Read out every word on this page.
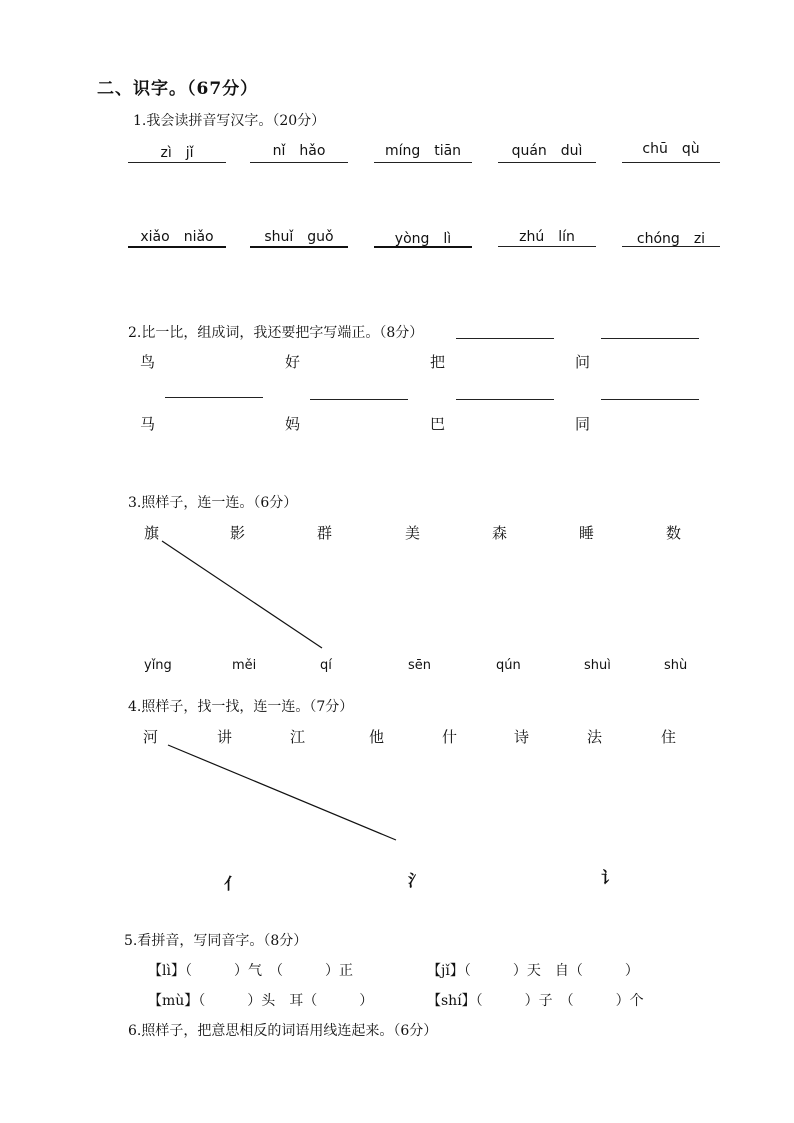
二、识字。（67分）
1.我会读拼音写汉字。（20分）
zì　jǐ	nǐ　hǎo	míng　tiān	quán　duì	chū　qù
xiǎo　niǎo	shuǐ　guǒ	yòng　lì	zhú　lín	chóng　zi
2.比一比，组成词，我还要把字写端正。（8分）
鸟	好	把	问
马	妈	巴	同
3.照样子，连一连。（6分）
旗	影	群	美	森	睡	数
yǐng	měi	qí	sēn	qún	shuì	shù
4.照样子，找一找，连一连。（7分）
河	讲	江	他	什	诗	法	住
亻	氵	讠
5.看拼音，写同音字。（8分）
【lì】（　　　）气　（　　　）正	【jǐ】（　　　）天　自（　　　）
【mù】（　　　）头　耳（　　　）	【shí】（　　　）子　（　　　）个
6.照样子，把意思相反的词语用线连起来。（6分）
